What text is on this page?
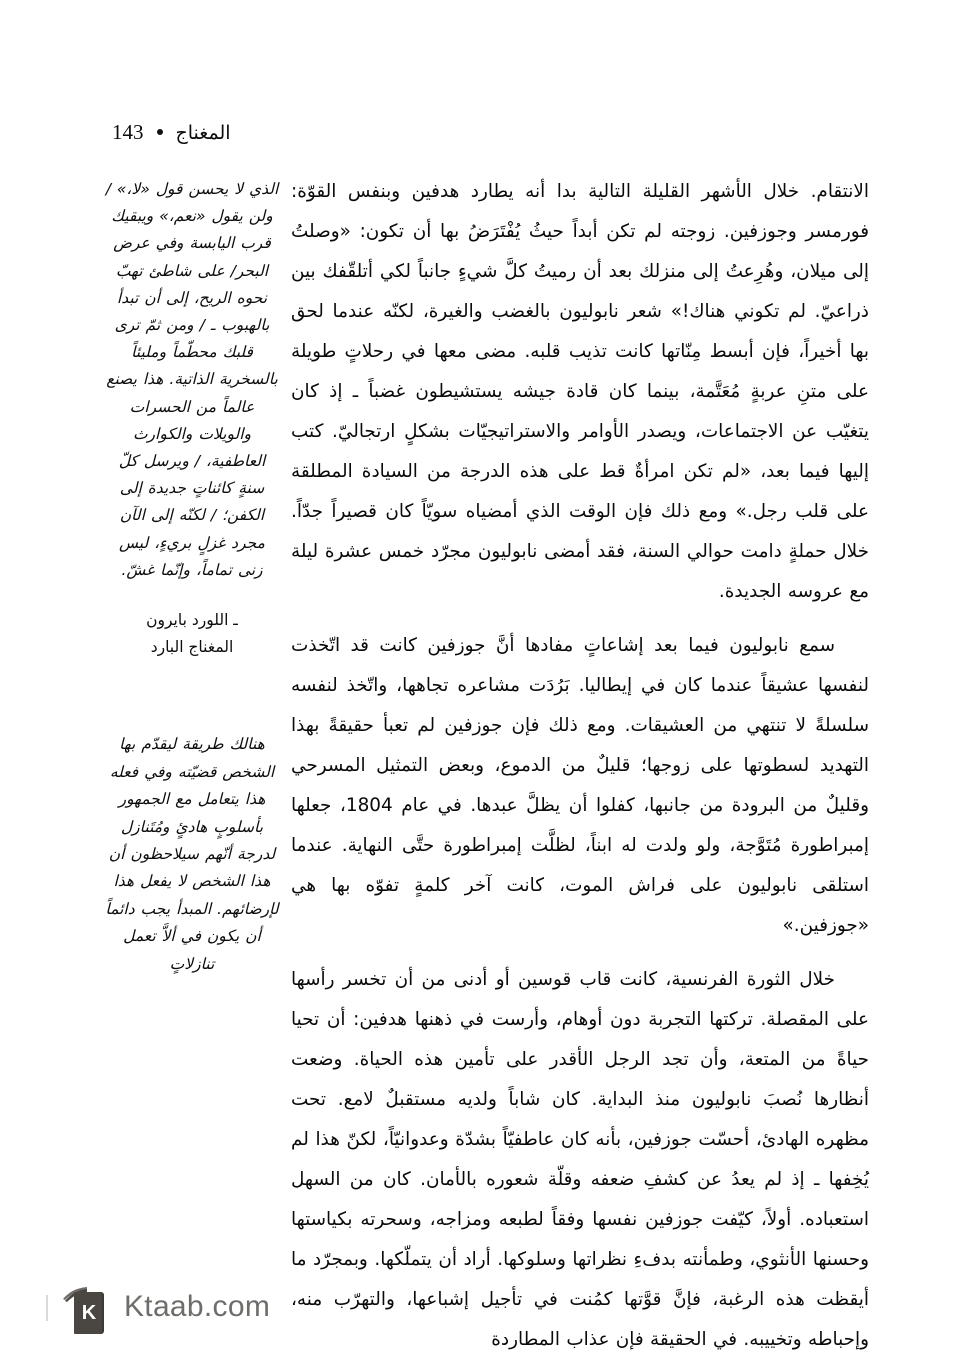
المغناج
143
الذي لا يحسن قول «لا،» / ولن يقول «نعم،» ويبقيك قرب اليابسة وفي عرض البحر/ على شاطئ تهبّ نحوه الريح، إلى أن تبدأ بالهبوب ـ / ومن ثمّ ترى قلبك محطّماً ومليئاً بالسخرية الذاتية. هذا يصنع عالماً من الحسرات والويلات والكوارث العاطفية، / ويرسل كلّ سنةٍ كائناتٍ جديدة إلى الكفن؛ / لكنّه إلى الآن مجرد غزلٍ بريءٍ، ليس زنى تماماً، وإنّما غشّ.
ـ اللورد بايرون
المغناج البارد
هنالك طريقة ليقدّم بها الشخص قضيّته وفي فعله هذا يتعامل مع الجمهور بأسلوبٍ هادئٍ ومُتَنازل لدرجة أنّهم سيلاحظون أن هذا الشخص لا يفعل هذا لإرضائهم. المبدأ يجب دائماً أن يكون في ألاَّ تعمل تنازلاتٍ

الانتقام. خلال الأشهر القليلة التالية بدا أنه يطارد هدفين وبنفس القوّة: فورمسر وجوزفين. زوجته لم تكن أبداً حيثُ يُفْتَرَضُ بها أن تكون: «وصلتُ إلى ميلان، وهُرِعتُ إلى منزلك بعد أن رميتُ كلَّ شيءٍ جانباً لكي أتلقّفك بين ذراعيّ. لم تكوني هناك!» شعر نابوليون بالغضب والغيرة، لكنّه عندما لحق بها أخيراً، فإن أبسط مِنّاتها كانت تذيب قلبه. مضى معها في رحلاتٍ طويلة على متنِ عربةٍ مُعَتَّمة، بينما كان قادة جيشه يستشيطون غضباً ـ إذ كان يتغيّب عن الاجتماعات، ويصدر الأوامر والاستراتيجيّات بشكلٍ ارتجاليّ. كتب إليها فيما بعد، «لم تكن امرأةٌ قط على هذه الدرجة من السيادة المطلقة على قلب رجل.» ومع ذلك فإن الوقت الذي أمضياه سويّاً كان قصيراً جدّاً. خلال حملةٍ دامت حوالي السنة، فقد أمضى نابوليون مجرّد خمس عشرة ليلة مع عروسه الجديدة.

سمع نابوليون فيما بعد إشاعاتٍ مفادها أنَّ جوزفين كانت قد اتّخذت لنفسها عشيقاً عندما كان في إيطاليا. بَرُدَت مشاعره تجاهها، واتّخذ لنفسه سلسلةً لا تنتهي من العشيقات. ومع ذلك فإن جوزفين لم تعبأ حقيقةً بهذا التهديد لسطوتها على زوجها؛ قليلٌ من الدموع، وبعض التمثيل المسرحي وقليلٌ من البرودة من جانبها، كفلوا أن يظلَّ عبدها. في عام 1804، جعلها إمبراطورة مُتَوَّجة، ولو ولدت له ابناً، لظلَّت إمبراطورة حتَّى النهاية. عندما استلقى نابوليون على فراش الموت، كانت آخر كلمةٍ تفوّه بها هي «جوزفين.»

خلال الثورة الفرنسية، كانت قاب قوسين أو أدنى من أن تخسر رأسها على المقصلة. تركتها التجربة دون أوهام، وأرست في ذهنها هدفين: أن تحيا حياةً من المتعة، وأن تجد الرجل الأقدر على تأمين هذه الحياة. وضعت أنظارها نُصبَ نابوليون منذ البداية. كان شاباً ولديه مستقبلٌ لامع. تحت مظهره الهادئ، أحسّت جوزفين، بأنه كان عاطفيّاً بشدّة وعدوانيّاً، لكنّ هذا لم يُخِفها ـ إذ لم يعدُ عن كشفِ ضعفه وقلّة شعوره بالأمان. كان من السهل استعباده. أولاً، كيّفت جوزفين نفسها وفقاً لطبعه ومزاجه، وسحرته بكياستها وحسنها الأنثوي، وطمأنته بدفءِ نظراتها وسلوكها. أراد أن يتملّكها. وبمجرّد ما أيقظت هذه الرغبة، فإنَّ قوَّتها كمُنت في تأجيل إشباعها، والتهرّب منه، وإحباطه وتخييبه. في الحقيقة فإن عذاب المطاردة

K Ktaab.com
